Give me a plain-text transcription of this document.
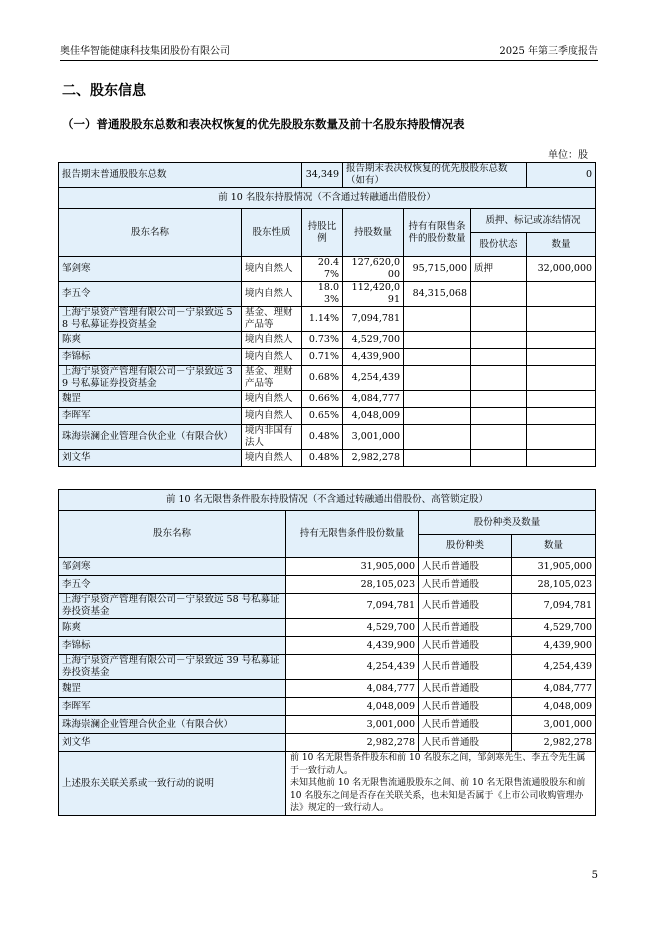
奥佳华智能健康科技集团股份有限公司	2025 年第三季度报告
二、股东信息
（一）普通股股东总数和表决权恢复的优先股股东数量及前十名股东持股情况表
单位：股
报告期末普通股股东总数		34,349	报告期末表决权恢复的优先股股东总数（如有）			0
前 10 名股东持股情况（不含通过转融通出借股份）						
股东名称	股东性质	持股比例	持股数量	持有有限售条件的股份数量	质押、标记或冻结情况	
					股份状态	数量
邹剑寒	境内自然人	20.47%	127,620,000	95,715,000	质押	32,000,000
李五令	境内自然人	18.03%	112,420,091	84,315,068		
上海宁泉资产管理有限公司－宁泉致远 58 号私募证券投资基金	基金、理财产品等	1.14%	7,094,781			
陈爽	境内自然人	0.73%	4,529,700			
李锦标	境内自然人	0.71%	4,439,900			
上海宁泉资产管理有限公司－宁泉致远 39 号私募证券投资基金	基金、理财产品等	0.68%	4,254,439			
魏罡	境内自然人	0.66%	4,084,777			
李晖军	境内自然人	0.65%	4,048,009			
珠海崇澜企业管理合伙企业（有限合伙）	境内非国有法人	0.48%	3,001,000			
刘文华	境内自然人	0.48%	2,982,278			
前 10 名无限售条件股东持股情况（不含通过转融通出借股份、高管锁定股）			
股东名称	持有无限售条件股份数量	股份种类及数量	
		股份种类	数量
邹剑寒	31,905,000	人民币普通股	31,905,000
李五令	28,105,023	人民币普通股	28,105,023
上海宁泉资产管理有限公司－宁泉致远 58 号私募证券投资基金	7,094,781	人民币普通股	7,094,781
陈爽	4,529,700	人民币普通股	4,529,700
李锦标	4,439,900	人民币普通股	4,439,900
上海宁泉资产管理有限公司－宁泉致远 39 号私募证券投资基金	4,254,439	人民币普通股	4,254,439
魏罡	4,084,777	人民币普通股	4,084,777
李晖军	4,048,009	人民币普通股	4,048,009
珠海崇澜企业管理合伙企业（有限合伙）	3,001,000	人民币普通股	3,001,000
刘文华	2,982,278	人民币普通股	2,982,278
上述股东关联关系或一致行动的说明	
前 10 名无限售条件股东和前 10 名股东之间，邹剑寒先生、李五令先生属于一致行动人。
未知其他前 10 名无限售流通股股东之间、前 10 名无限售流通股股东和前 10 名股东之间是否存在关联关系，也未知是否属于《上市公司收购管理办法》规定的一致行动人。
5
